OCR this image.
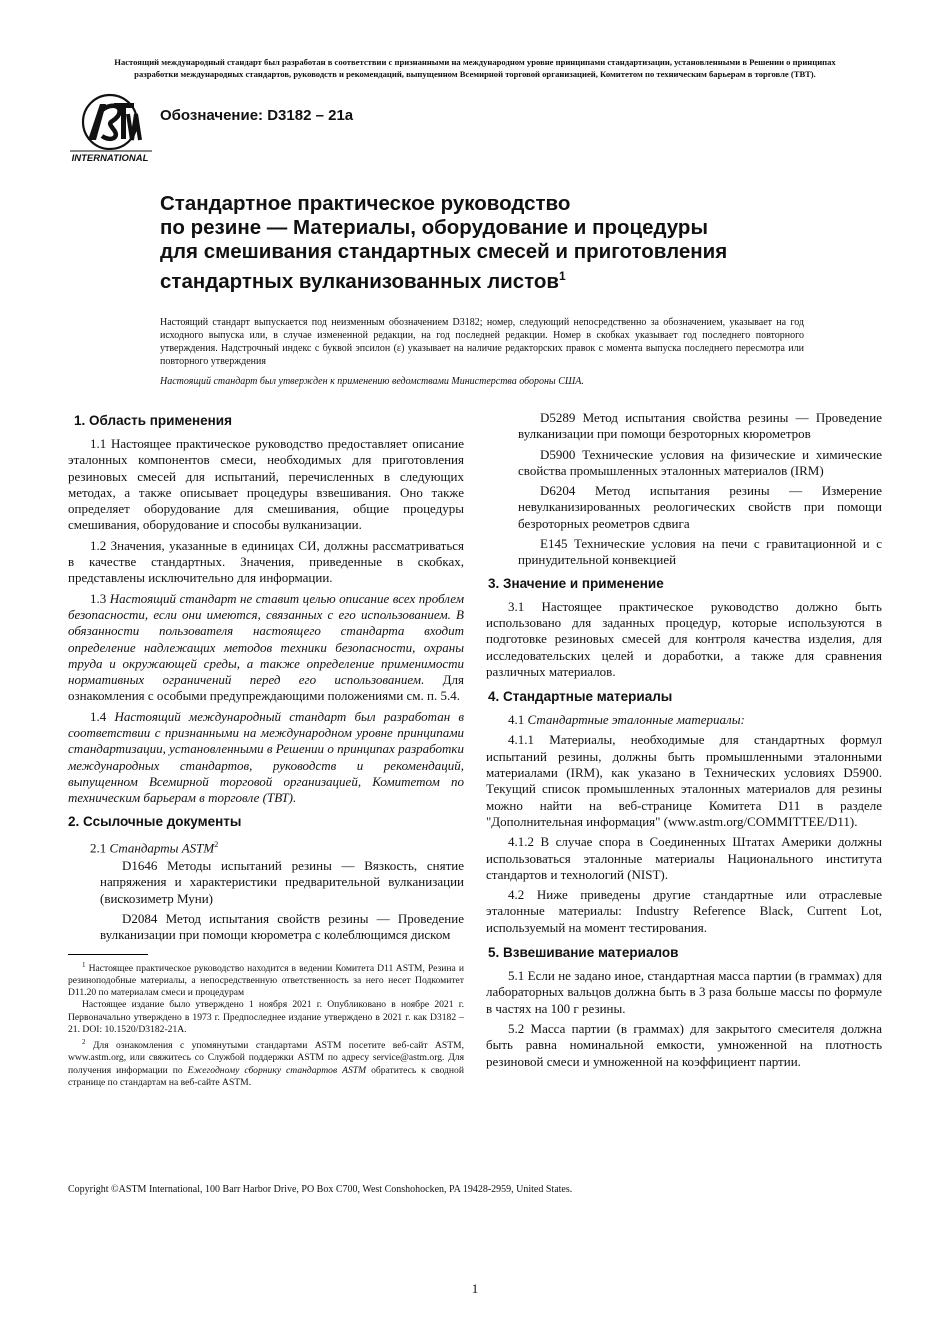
Настоящий международный стандарт был разработан в соответствии с признанными на международном уровне принципами стандартизации, установленными в Решении о принципах
разработки международных стандартов, руководств и рекомендаций, выпущенном Всемирной торговой организацией, Комитетом по техническим барьерам в торговле (ТВТ).
INTERNATIONAL
Обозначение: D3182 – 21a
Стандартное практическое руководство
по резине — Материалы, оборудование и процедуры
для смешивания стандартных смесей и приготовления
стандартных вулканизованных листов$^1$

Настоящий стандарт выпускается под неизменным обозначением D3182; номер, следующий непосредственно за обозначением, указывает на год исходного выпуска или, в случае измененной редакции, на год последней редакции. Номер в скобках указывает год последнего повторного утверждения. Надстрочный индекс с буквой эпсилон (ε) указывает на наличие редакторских правок с момента выпуска последнего пересмотра или повторного утверждения

Настоящий стандарт был утвержден к применению ведомствами Министерства обороны США.

1. Область применения

1.1 Настоящее практическое руководство предоставляет описание эталонных компонентов смеси, необходимых для приготовления резиновых смесей для испытаний, перечисленных в следующих методах, а также описывает процедуры взвешивания. Оно также определяет оборудование для смешивания, общие процедуры смешивания, оборудование и способы вулканизации.

1.2 Значения, указанные в единицах СИ, должны рассматриваться в качестве стандартных. Значения, приведенные в скобках, представлены исключительно для информации.

1.3 Настоящий стандарт не ставит целью описание всех проблем безопасности, если они имеются, связанных с его использованием. В обязанности пользователя настоящего стандарта входит определение надлежащих методов техники безопасности, охраны труда и окружающей среды, а также определение применимости нормативных ограничений перед его использованием. Для ознакомления с особыми предупреждающими положениями см. п. 5.4.

1.4 Настоящий международный стандарт был разработан в соответствии с признанными на международном уровне принципами стандартизации, установленными в Решении о принципах разработки международных стандартов, руководств и рекомендаций, выпущенном Всемирной торговой организацией, Комитетом по техническим барьерам в торговле (ТВТ).

2. Ссылочные документы

2.1 Стандарты ASTM$^2$

D1646 Методы испытаний резины — Вязкость, снятие напряжения и характеристики предварительной вулканизации (вискозиметр Муни)

D2084 Метод испытания свойств резины — Проведение вулканизации при помощи кюрометра с колеблющимся диском

$^1$ Настоящее практическое руководство находится в ведении Комитета D11 ASTM, Резина и резиноподобные материалы, а непосредственную ответственность за него несет Подкомитет D11.20 по материалам смеси и процедурам

Настоящее издание было утверждено 1 ноября 2021 г. Опубликовано в ноябре 2021 г. Первоначально утверждено в 1973 г. Предпоследнее издание утверждено в 2021 г. как D3182 – 21. DOI: 10.1520/D3182-21A.

$^2$ Для ознакомления с упомянутыми стандартами ASTM посетите веб-сайт ASTM, www.astm.org, или свяжитесь со Службой поддержки ASTM по адресу service@astm.org. Для получения информации по Ежегодному сборнику стандартов ASTM обратитесь к сводной странице по стандартам на веб-сайте ASTM.

D5289 Метод испытания свойства резины — Проведение вулканизации при помощи безроторных кюрометров

D5900 Технические условия на физические и химические свойства промышленных эталонных материалов (IRM)

D6204 Метод испытания резины — Измерение невулканизированных реологических свойств при помощи безроторных реометров сдвига

E145 Технические условия на печи с гравитационной и с принудительной конвекцией

3. Значение и применение

3.1 Настоящее практическое руководство должно быть использовано для заданных процедур, которые используются в подготовке резиновых смесей для контроля качества изделия, для исследовательских целей и доработки, а также для сравнения различных материалов.

4. Стандартные материалы

4.1 Стандартные эталонные материалы:

4.1.1 Материалы, необходимые для стандартных формул испытаний резины, должны быть промышленными эталонными материалами (IRM), как указано в Технических условиях D5900. Текущий список промышленных эталонных материалов для резины можно найти на веб-странице Комитета D11 в разделе "Дополнительная информация" (www.astm.org/COMMITTEE/D11).

4.1.2 В случае спора в Соединенных Штатах Америки должны использоваться эталонные материалы Национального института стандартов и технологий (NIST).

4.2 Ниже приведены другие стандартные или отраслевые эталонные материалы: Industry Reference Black, Current Lot, используемый на момент тестирования.

5. Взвешивание материалов

5.1 Если не задано иное, стандартная масса партии (в граммах) для лабораторных вальцов должна быть в 3 раза больше массы по формуле в частях на 100 г резины.

5.2 Масса партии (в граммах) для закрытого смесителя должна быть равна номинальной емкости, умноженной на плотность резиновой смеси и умноженной на коэффициент партии.

Copyright ©ASTM International, 100 Barr Harbor Drive, PO Box C700, West Conshohocken, PA 19428-2959, United States.
1
